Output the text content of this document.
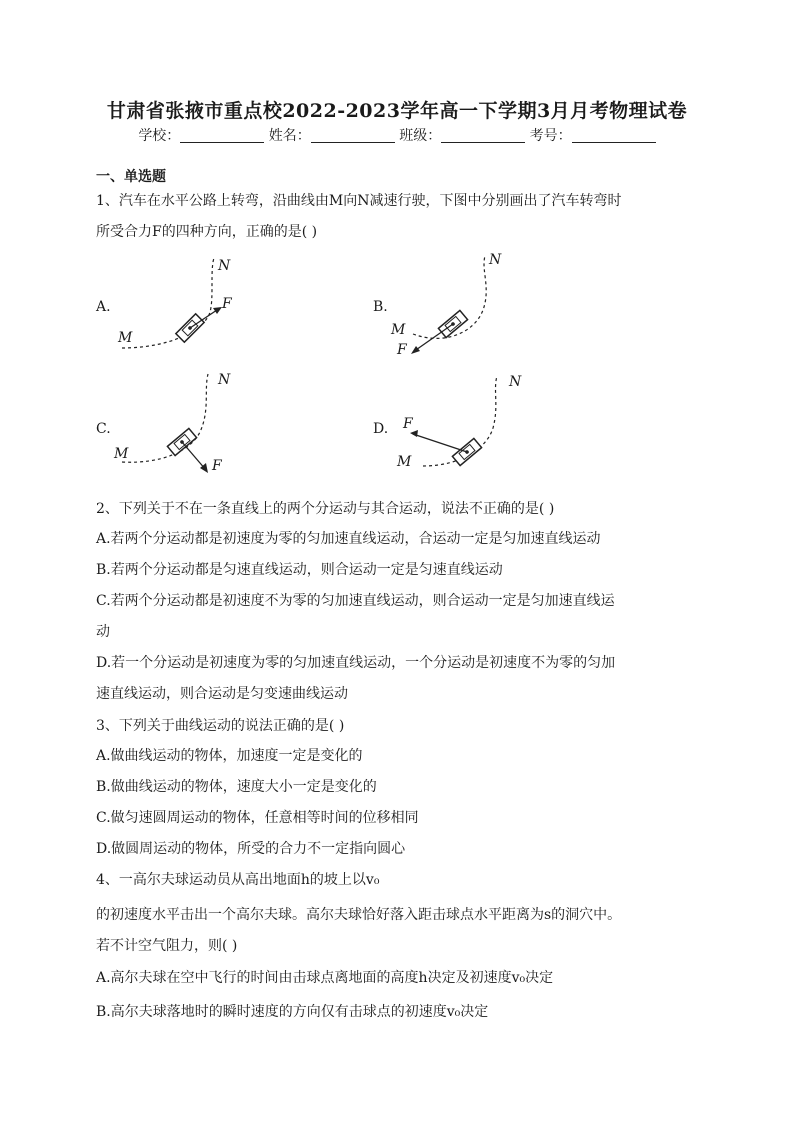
甘肃省张掖市重点校2022-2023学年高一下学期3月月考物理试卷
学校：	姓名：	班级：	考号：
一、单选题
1、汽车在水平公路上转弯，沿曲线由M向N减速行驶，下图中分别画出了汽车转弯时
所受合力F的四种方向，正确的是( )
A.	B.
C.	D.
N
F
M
N
M
F
N
M
F
N
F
M
2、下列关于不在一条直线上的两个分运动与其合运动，说法不正确的是( )
A.若两个分运动都是初速度为零的匀加速直线运动，合运动一定是匀加速直线运动
B.若两个分运动都是匀速直线运动，则合运动一定是匀速直线运动
C.若两个分运动都是初速度不为零的匀加速直线运动，则合运动一定是匀加速直线运
动
D.若一个分运动是初速度为零的匀加速直线运动，一个分运动是初速度不为零的匀加
速直线运动，则合运动是匀变速曲线运动
3、下列关于曲线运动的说法正确的是( )
A.做曲线运动的物体，加速度一定是变化的
B.做曲线运动的物体，速度大小一定是变化的
C.做匀速圆周运动的物体，任意相等时间的位移相同
D.做圆周运动的物体，所受的合力不一定指向圆心
4、一高尔夫球运动员从高出地面h的坡上以v₀
的初速度水平击出一个高尔夫球。高尔夫球恰好落入距击球点水平距离为s的洞穴中。
若不计空气阻力，则( )
A.高尔夫球在空中飞行的时间由击球点离地面的高度h决定及初速度v₀决定
B.高尔夫球落地时的瞬时速度的方向仅有击球点的初速度v₀决定
